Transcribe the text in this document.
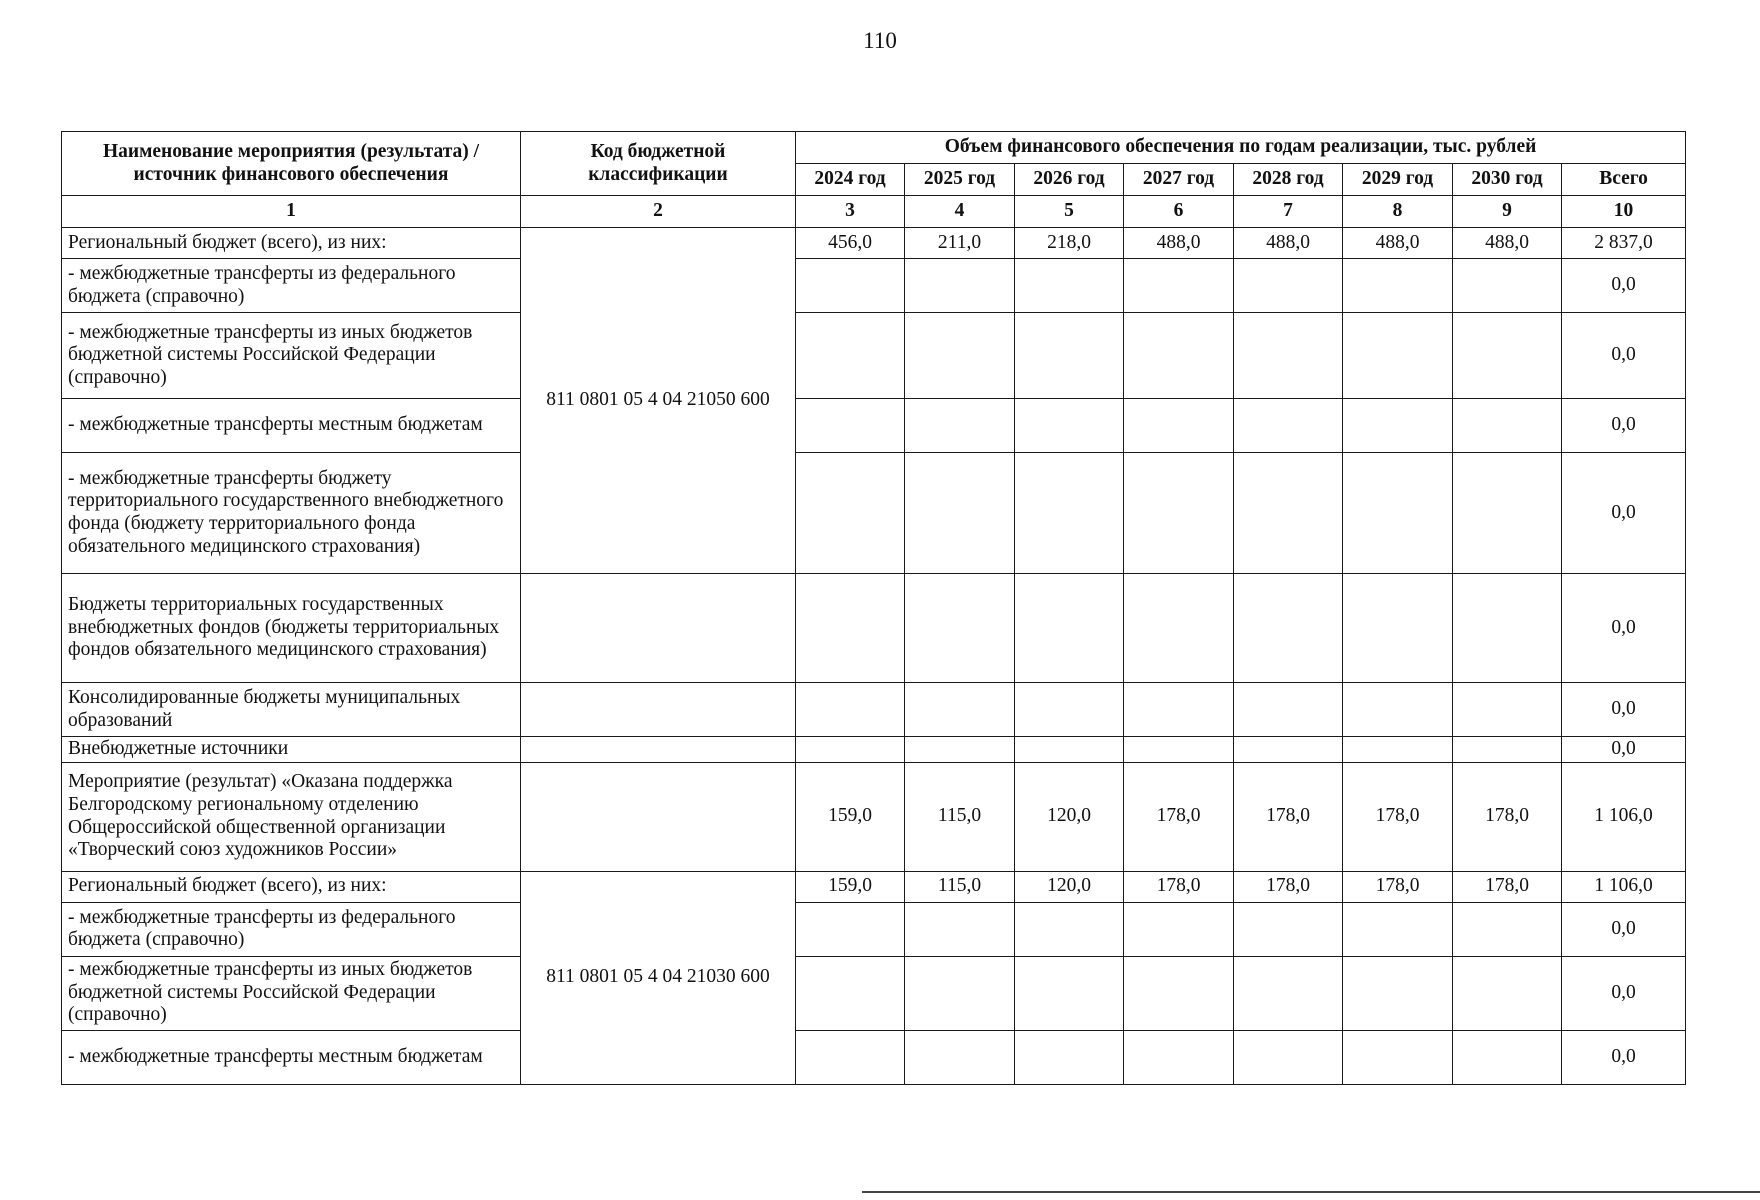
110
Наименование мероприятия (результата) / источник финансового обеспечения	Код бюджетной классификации	Объем финансового обеспечения по годам реализации, тыс. рублей							
		2024 год	2025 год	2026 год	2027 год	2028 год	2029 год	2030 год	Всего
1	2	3	4	5	6	7	8	9	10
Региональный бюджет (всего), из них:	811 0801 05 4 04 21050 600	456,0	211,0	218,0	488,0	488,0	488,0	488,0	2 837,0
- межбюджетные трансферты из федерального бюджета (справочно)									0,0
- межбюджетные трансферты из иных бюджетов бюджетной системы Российской Федерации (справочно)									0,0
- межбюджетные трансферты местным бюджетам									0,0
- межбюджетные трансферты бюджету территориального государственного внебюджетного фонда (бюджету территориального фонда обязательного медицинского страхования)									0,0
Бюджеты территориальных государственных внебюджетных фондов (бюджеты территориальных фондов обязательного медицинского страхования)									0,0
Консолидированные бюджеты муниципальных образований									0,0
Внебюджетные источники									0,0
Мероприятие (результат) «Оказана поддержка Белгородскому региональному отделению Общероссийской общественной организации «Творческий союз художников России»		159,0	115,0	120,0	178,0	178,0	178,0	178,0	1 106,0
Региональный бюджет (всего), из них:	811 0801 05 4 04 21030 600	159,0	115,0	120,0	178,0	178,0	178,0	178,0	1 106,0
- межбюджетные трансферты из федерального бюджета (справочно)									0,0
- межбюджетные трансферты из иных бюджетов бюджетной системы Российской Федерации (справочно)									0,0
- межбюджетные трансферты местным бюджетам									0,0
